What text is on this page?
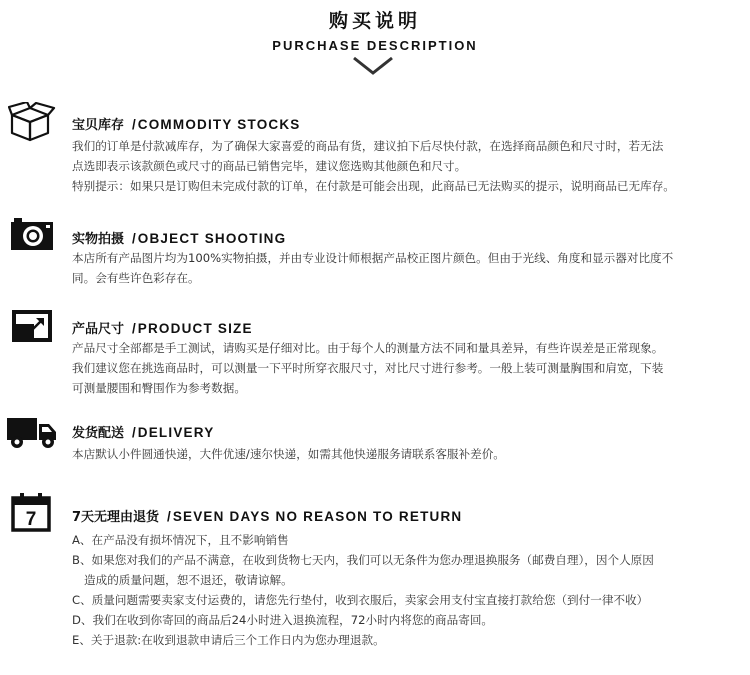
购买说明
PURCHASE DESCRIPTION
宝贝库存 / COMMODITY STOCKS
我们的订单是付款减库存，为了确保大家喜爱的商品有货，建议拍下后尽快付款，在选择商品颜色和尺寸时，若无法
点选即表示该款颜色或尺寸的商品已销售完毕，建议您选购其他颜色和尺寸。
特别提示：如果只是订购但未完成付款的订单，在付款是可能会出现，此商品已无法购买的提示，说明商品已无库存。
实物拍摄 / OBJECT SHOOTING
本店所有产品图片均为100%实物拍摄，并由专业设计师根据产品校正图片颜色。但由于光线、角度和显示器对比度不
同。会有些许色彩存在。
产品尺寸 / PRODUCT SIZE
产品尺寸全部都是手工测试，请购买是仔细对比。由于每个人的测量方法不同和量具差异，有些许误差是正常现象。
我们建议您在挑选商品时，可以测量一下平时所穿衣服尺寸，对比尺寸进行参考。一般上装可测量胸围和肩宽，下装
可测量腰围和臀围作为参考数据。
发货配送 / DELIVERY
本店默认小件圆通快递，大件优速/速尔快递，如需其他快递服务请联系客服补差价。
7	7天无理由退货 / SEVEN DAYS NO REASON TO RETURN
A、在产品没有损坏情况下，且不影响销售
B、如果您对我们的产品不满意，在收到货物七天内，我们可以无条件为您办理退换服务（邮费自理），因个人原因
造成的质量问题，恕不退还，敬请谅解。
C、质量问题需要卖家支付运费的，请您先行垫付，收到衣服后，卖家会用支付宝直接打款给您（到付一律不收）
D、我们在收到你寄回的商品后24小时进入退换流程，72小时内将您的商品寄回。
E、关于退款:在收到退款申请后三个工作日内为您办理退款。
